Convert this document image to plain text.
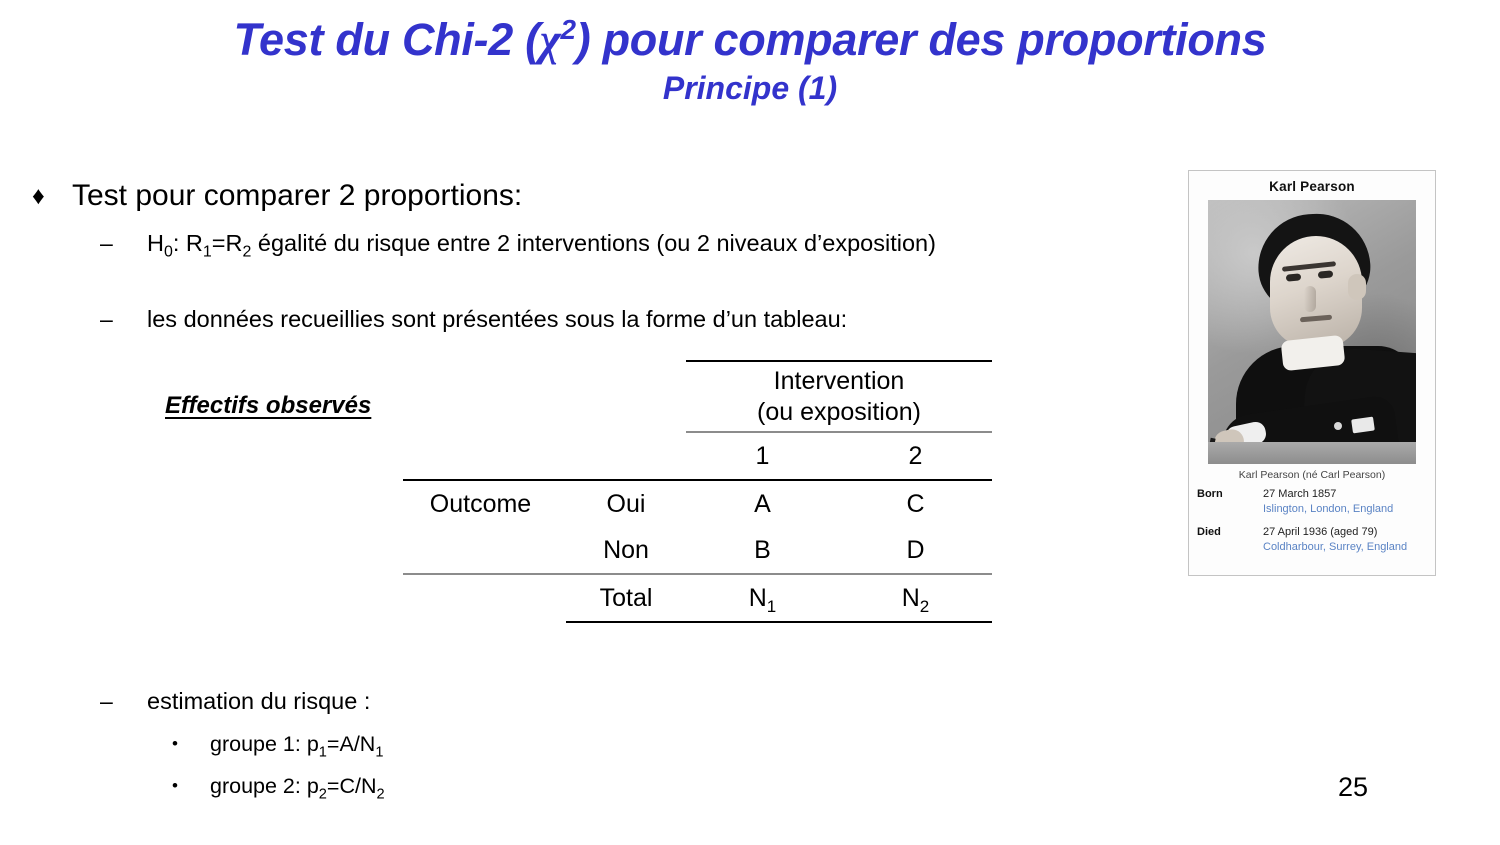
Test du Chi-2 $(\chi^2)$ pour comparer des proportions
Principe (1)
♦ Test pour comparer 2 proportions:
–	$H_0$: $R_1=R_2$ égalité du risque entre 2 interventions (ou 2 niveaux d’exposition)
–	les données recueillies sont présentées sous la forme d’un tableau:
Effectifs observés

		Intervention
(ou exposition)	

		1	2
Outcome	Oui	A	C
	Non	B	D
	Total	$N_1$	$N_2$
–	estimation du risque :
•	groupe 1: $p_1=A/N_1$
•	groupe 2: $p_2=C/N_2$
Karl Pearson
Karl Pearson (né Carl Pearson)
Born	27 March 1857
Islington, London, England
Died	27 April 1936 (aged 79)
Coldharbour, Surrey, England
25
